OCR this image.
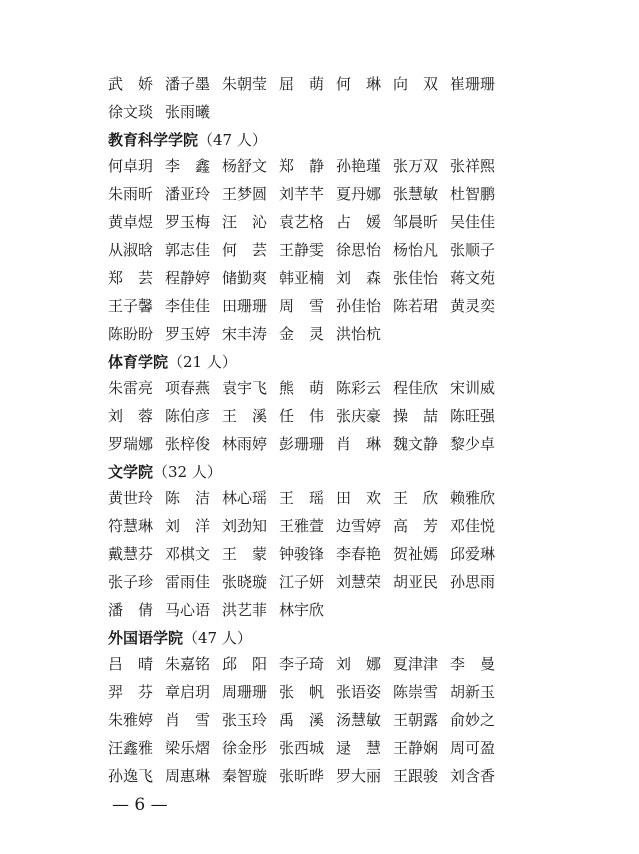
武　娇 潘子墨 朱朝莹 屈　萌 何　琳 向　双 崔珊珊
徐文琰 张雨曦
教育科学学院 （47 人）
何卓玥 李　鑫 杨舒文 郑　静 孙艳瑾 张万双 张祥熙
朱雨昕 潘亚玲 王梦圆 刘芊芊 夏丹娜 张慧敏 杜智鹏
黄卓煜 罗玉梅 汪　沁 袁艺格 占　媛 邹晨昕 吴佳佳
从淑晗 郭志佳 何　芸 王静雯 徐思怡 杨怡凡 张顺子
郑　芸 程静婷 储勤爽 韩亚楠 刘　森 张佳怡 蒋文苑
王子馨 李佳佳 田珊珊 周　雪 孙佳怡 陈若珺 黄灵奕
陈盼盼 罗玉婷 宋丰涛 金　灵 洪怡杭
体育学院 （21 人）
朱雷亮 项春燕 袁宇飞 熊　萌 陈彩云 程佳欣 宋训威
刘　蓉 陈伯彦 王　溪 任　伟 张庆豪 操　喆 陈旺强
罗瑞娜 张梓俊 林雨婷 彭珊珊 肖　琳 魏文静 黎少卓
文学院 （32 人）
黄世玲 陈　洁 林心瑶 王　瑶 田　欢 王　欣 赖雅欣
符慧琳 刘　洋 刘劲知 王雅萱 边雪婷 高　芳 邓佳悦
戴慧芬 邓棋文 王　蒙 钟骏锋 李春艳 贺祉嫣 邱爱琳
张子珍 雷雨佳 张晓璇 江子妍 刘慧荣 胡亚民 孙思雨
潘　倩 马心语 洪艺菲 林宇欣
外国语学院 （47 人）
吕　晴 朱嘉铭 邱　阳 李子琦 刘　娜 夏津津 李　曼
羿　芬 章启玥 周珊珊 张　帆 张语姿 陈崇雪 胡新玉
朱雅婷 肖　雪 张玉玲 禹　溪 汤慧敏 王朝露 俞妙之
汪鑫雅 梁乐熠 徐金彤 张西城 逯　慧 王静娴 周可盈
孙逸飞 周惠琳 秦智璇 张昕晔 罗大丽 王跟骏 刘含香
— 6 —
